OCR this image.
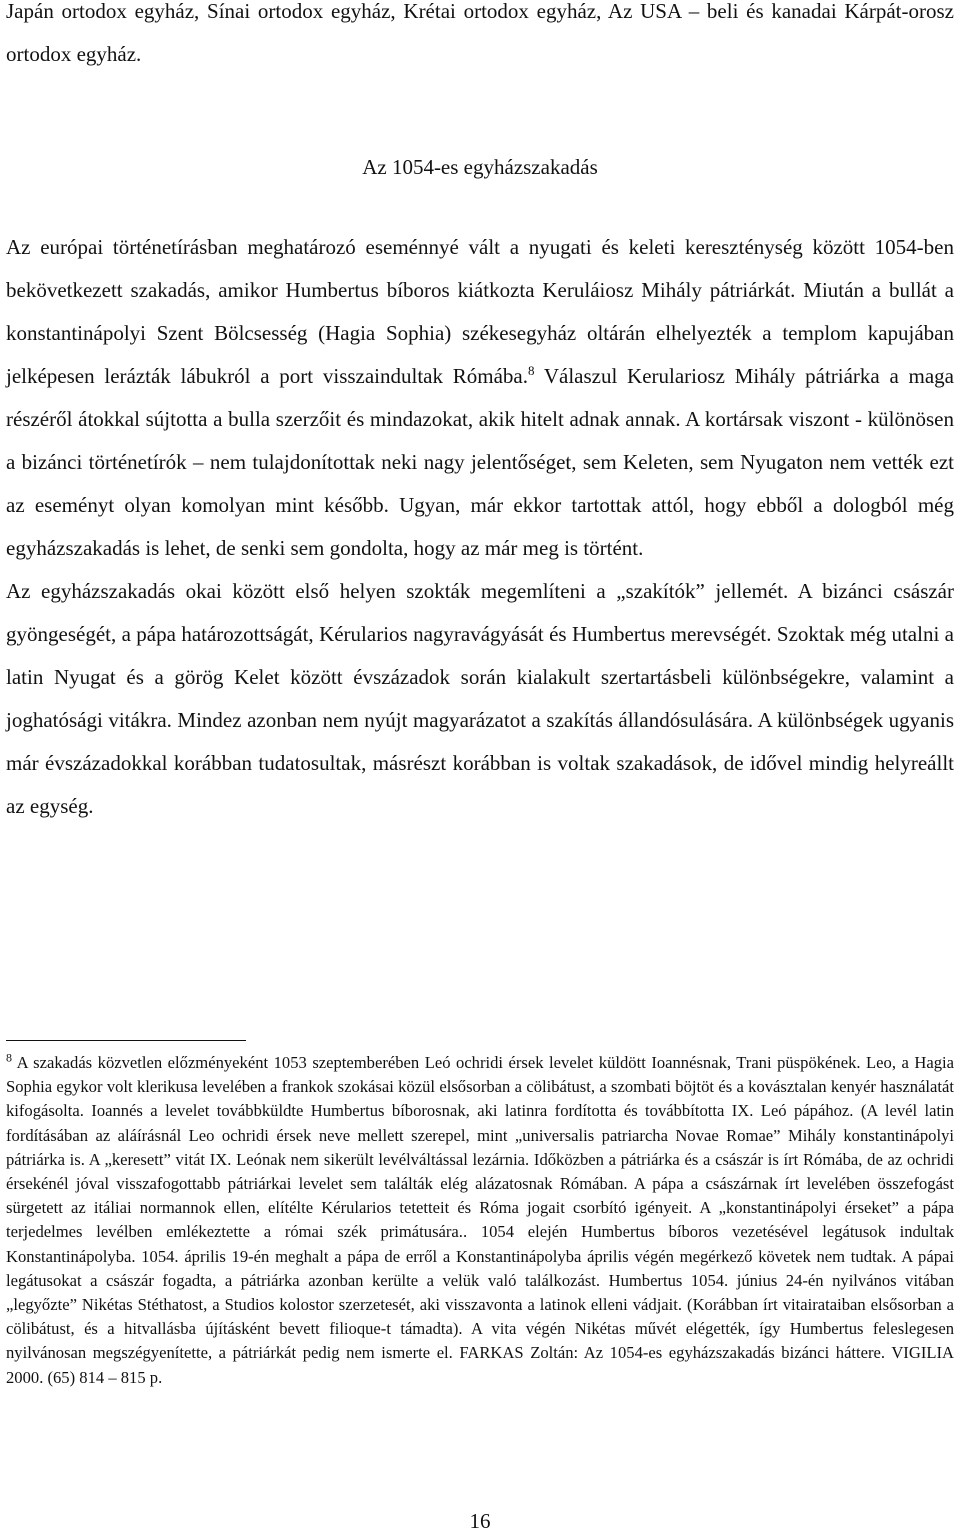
Japán ortodox egyház, Sínai ortodox egyház, Krétai ortodox egyház, Az USA – beli és kanadai Kárpát-orosz ortodox egyház.

Az 1054-es egyházszakadás

Az európai történetírásban meghatározó eseménnyé vált a nyugati és keleti kereszténység között 1054-ben bekövetkezett szakadás, amikor Humbertus bíboros kiátkozta Keruláiosz Mihály pátriárkát. Miután a bullát a konstantinápolyi Szent Bölcsesség (Hagia Sophia) székesegyház oltárán elhelyezték a templom kapujában jelképesen lerázták lábukról a port visszaindultak Rómába.$^8$ Válaszul Kerulariosz Mihály pátriárka a maga részéről átokkal sújtotta a bulla szerzőit és mindazokat, akik hitelt adnak annak. A kortársak viszont - különösen a bizánci történetírók – nem tulajdonítottak neki nagy jelentőséget, sem Keleten, sem Nyugaton nem vették ezt az eseményt olyan komolyan mint később. Ugyan, már ekkor tartottak attól, hogy ebből a dologból még egyházszakadás is lehet, de senki sem gondolta, hogy az már meg is történt.

Az egyházszakadás okai között első helyen szokták megemlíteni a „szakítók” jellemét. A bizánci császár gyöngeségét, a pápa határozottságát, Kérularios nagyravágyását és Humbertus merevségét. Szoktak még utalni a latin Nyugat és a görög Kelet között évszázadok során kialakult szertartásbeli különbségekre, valamint a joghatósági vitákra. Mindez azonban nem nyújt magyarázatot a szakítás állandósulására. A különbségek ugyanis már évszázadokkal korábban tudatosultak, másrészt korábban is voltak szakadások, de idővel mindig helyreállt az egység.

$^8$ A szakadás közvetlen előzményeként 1053 szeptemberében Leó ochridi érsek levelet küldött Ioannésnak, Trani püspökének. Leo, a Hagia Sophia egykor volt klerikusa levelében a frankok szokásai közül elsősorban a cölibátust, a szombati böjtöt és a kovásztalan kenyér használatát kifogásolta. Ioannés a levelet továbbküldte Humbertus bíborosnak, aki latinra fordította és továbbította IX. Leó pápához. (A levél latin fordításában az aláírásnál Leo ochridi érsek neve mellett szerepel, mint „universalis patriarcha Novae Romae” Mihály konstantinápolyi pátriárka is. A „keresett” vitát IX. Leónak nem sikerült levélváltással lezárnia. Időközben a pátriárka és a császár is írt Rómába, de az ochridi érsekénél jóval visszafogottabb pátriárkai levelet sem találták elég alázatosnak Rómában. A pápa a császárnak írt levelében összefogást sürgetett az itáliai normannok ellen, elítélte Kérularios tetetteit és Róma jogait csorbító igényeit. A „konstantinápolyi érseket” a pápa terjedelmes levélben emlékeztette a római szék primátusára.. 1054 elején Humbertus bíboros vezetésével legátusok indultak Konstantinápolyba. 1054. április 19-én meghalt a pápa de erről a Konstantinápolyba április végén megérkező követek nem tudtak. A pápai legátusokat a császár fogadta, a pátriárka azonban kerülte a velük való találkozást. Humbertus 1054. június 24-én nyilvános vitában „legyőzte” Nikétas Stéthatost, a Studios kolostor szerzetesét, aki visszavonta a latinok elleni vádjait. (Korábban írt vitairataiban elsősorban a cölibátust, és a hitvallásba újításként bevett filioque-t támadta). A vita végén Nikétas művét elégették, így Humbertus feleslegesen nyilvánosan megszégyenítette, a pátriárkát pedig nem ismerte el. FARKAS Zoltán: Az 1054-es egyházszakadás bizánci háttere. VIGILIA 2000. (65) 814 – 815 p.

16
